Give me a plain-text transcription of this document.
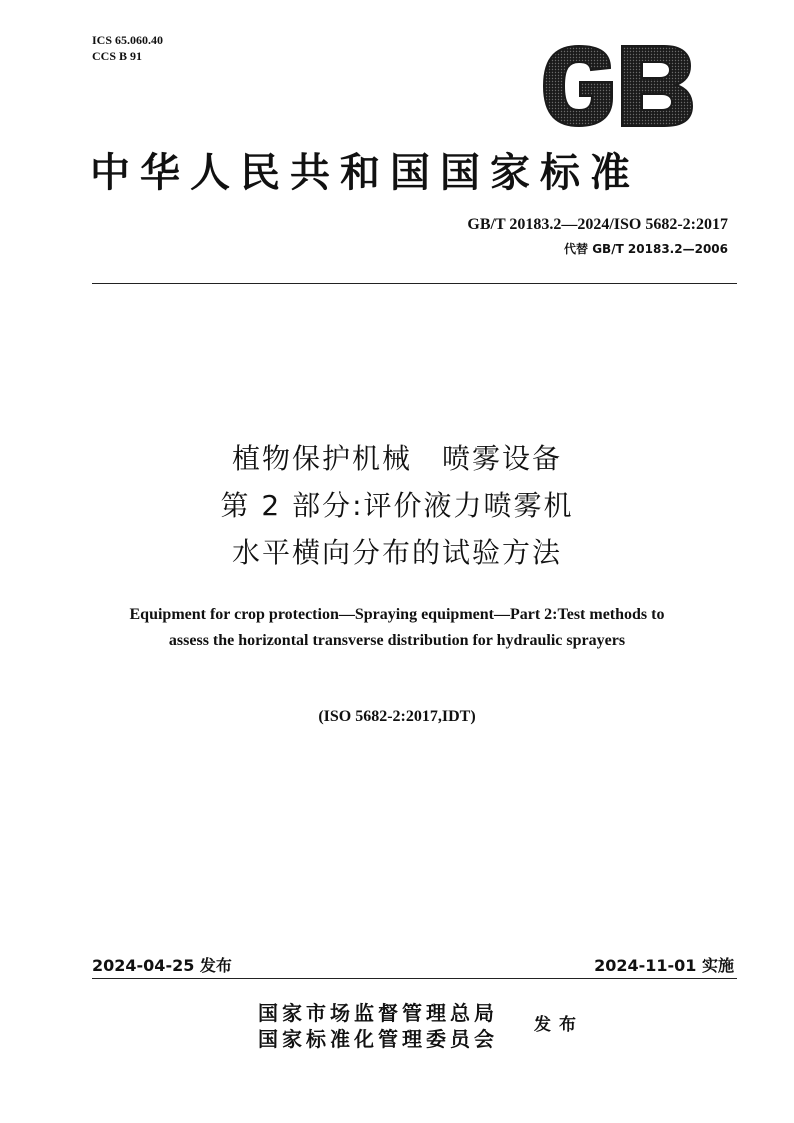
ICS 65.060.40
CCS B 91
中华人民共和国国家标准
GB/T 20183.2—2024/ISO 5682-2:2017
代替 GB/T 20183.2—2006
植物保护机械　喷雾设备
第 2 部分:评价液力喷雾机
水平横向分布的试验方法
Equipment for crop protection—Spraying equipment—Part 2:Test methods to
assess the horizontal transverse distribution for hydraulic sprayers
(ISO 5682-2:2017,IDT)
2024-04-25 发布	2024-11-01 实施
国家市场监督管理总局
国家标准化管理委员会
发布
